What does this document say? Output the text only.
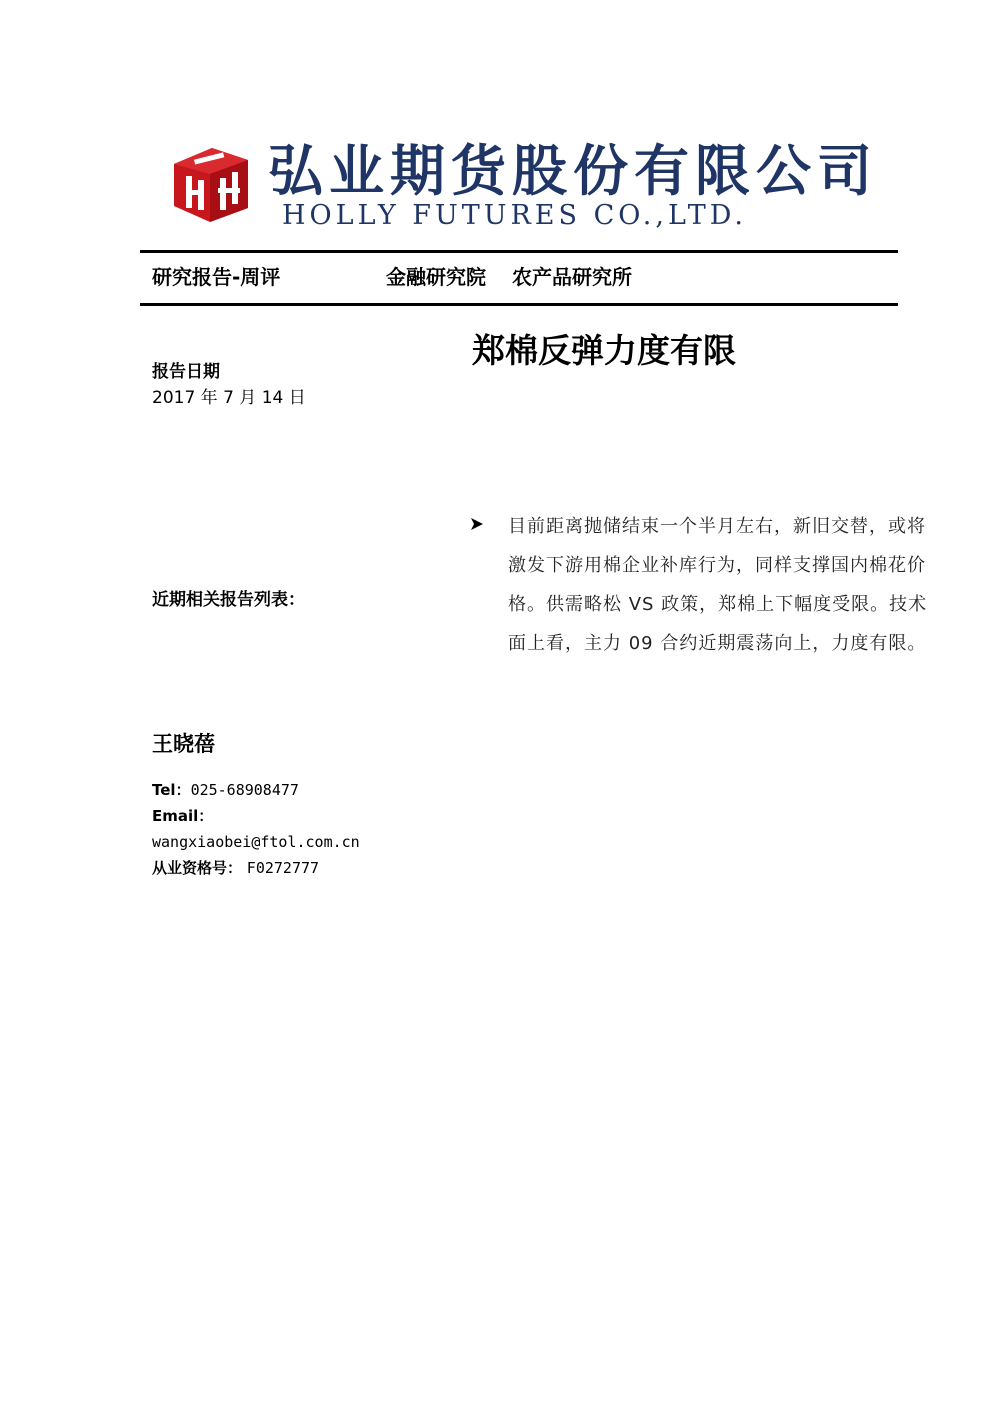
弘业期货股份有限公司
HOLLY FUTURES CO.,LTD.
研究报告-周评	金融研究院 农产品研究所
郑棉反弹力度有限
报告日期
2017 年 7 月 14 日
近期相关报告列表：
目前距离抛储结束一个半月左右，新旧交替，或将激发下游用棉企业补库行为，同样支撑国内棉花价格。供需略松 VS 政策，郑棉上下幅度受限。技术面上看，主力 09 合约近期震荡向上，力度有限。
王晓蓓
Tel：025-68908477
Email：
wangxiaobei@ftol.com.cn
从业资格号： F0272777
